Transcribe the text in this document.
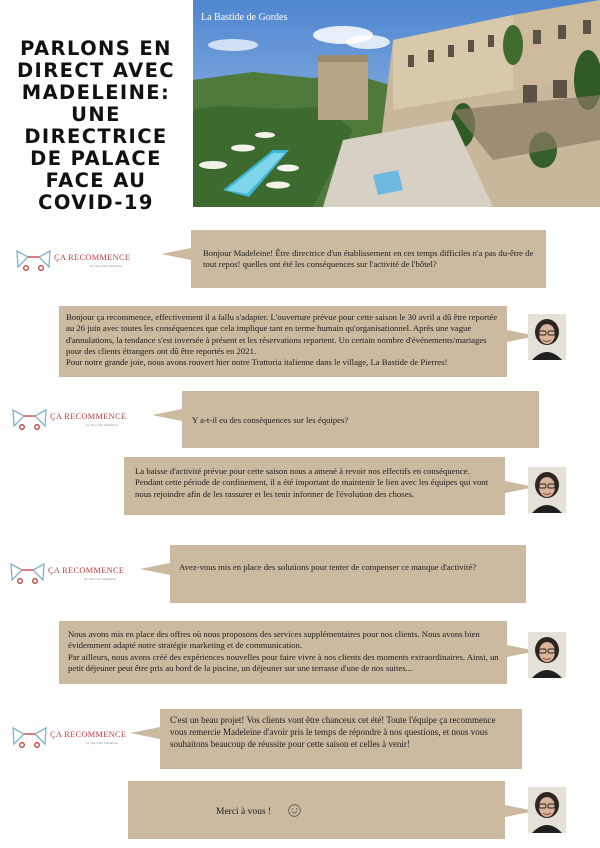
PARLONS EN DIRECT AVEC MADELEINE: UNE DIRECTRICE DE PALACE FACE AU COVID-19
La Bastide de Gordes
ÇA RECOMMENCE
by the CSU Initiative

Bonjour Madeleine! Être directrice d'un établissement en ces temps difficiles n'a pas du-être de tout repos! quelles ont été les conséquences sur l'activité de l'hôtel?

Bonjour ça recommence, effectivement il a fallu s'adapter. L'ouverture prévue pour cette saison le 30 avril a dû être reportée au 26 juin avec toutes les conséquences que cela implique tant en terme humain qu'organisationnel. Après une vague d'annulations, la tendance s'est inversée à présent et les réservations repartent. Un certain nombre d'événements/mariages pour des clients étrangers ont dû être reportés en 2021.

Pour notre grande joie, nous avons rouvert hier notre Trattoria italienne dans le village, La Bastide de Pierres!

ÇA RECOMMENCE
by the CSU Initiative	Y a-t-il eu des conséquences sur les équipes?

La baisse d'activité prévue pour cette saison nous a amené à revoir nos effectifs en conséquence. Pendant cette période de confinement, il a été important de maintenir le lien avec les équipes qui vont nous rejoindre afin de les rassurer et les tenir informer de l'évolution des choses.

ÇA RECOMMENCE
by the CSU Initiative

Avez-vous mis en place des solutions pour tenter de compenser ce manque d'activité?

Nous avons mis en place des offres où nous proposons des services supplémentaires pour nos clients. Nous avons bien évidemment adapté notre stratégie marketing et de communication.

Par ailleurs, nous avons créé des expériences nouvelles pour faire vivre à nos clients des moments extraordinaires. Ainsi, un petit déjeuner peut être pris au bord de la piscine, un déjeuner sur une terrasse d'une de nos suites...

ÇA RECOMMENCE
by the CSU Initiative

C'est un beau projet! Vos clients vont être chanceux cet été! Toute l'équipe ça recommence vous remercie Madeleine d'avoir pris le temps de répondre à nos questions, et nous vous souhaitons beaucoup de réussite pour cette saison et celles à venir!

Merci à vous !
